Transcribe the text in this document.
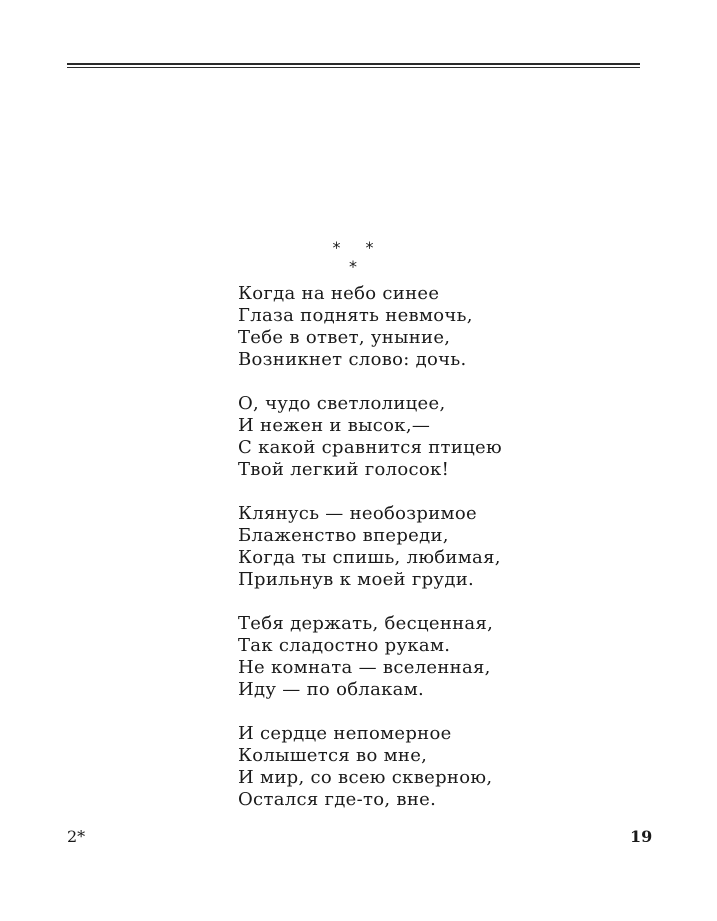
* * *
Когда на небо синее
Глаза поднять невмочь,
Тебе в ответ, уныние,
Возникнет слово: дочь.
О, чудо светлолицее,
И нежен и высок,—
С какой сравнится птицею
Твой легкий голосок!
Клянусь — необозримое
Блаженство впереди,
Когда ты спишь, любимая,
Прильнув к моей груди.
Тебя держать, бесценная,
Так сладостно рукам.
Не комната — вселенная,
Иду — по облакам.
И сердце непомерное
Колышется во мне,
И мир, со всею скверною,
Остался где-то, вне.
2*	19
